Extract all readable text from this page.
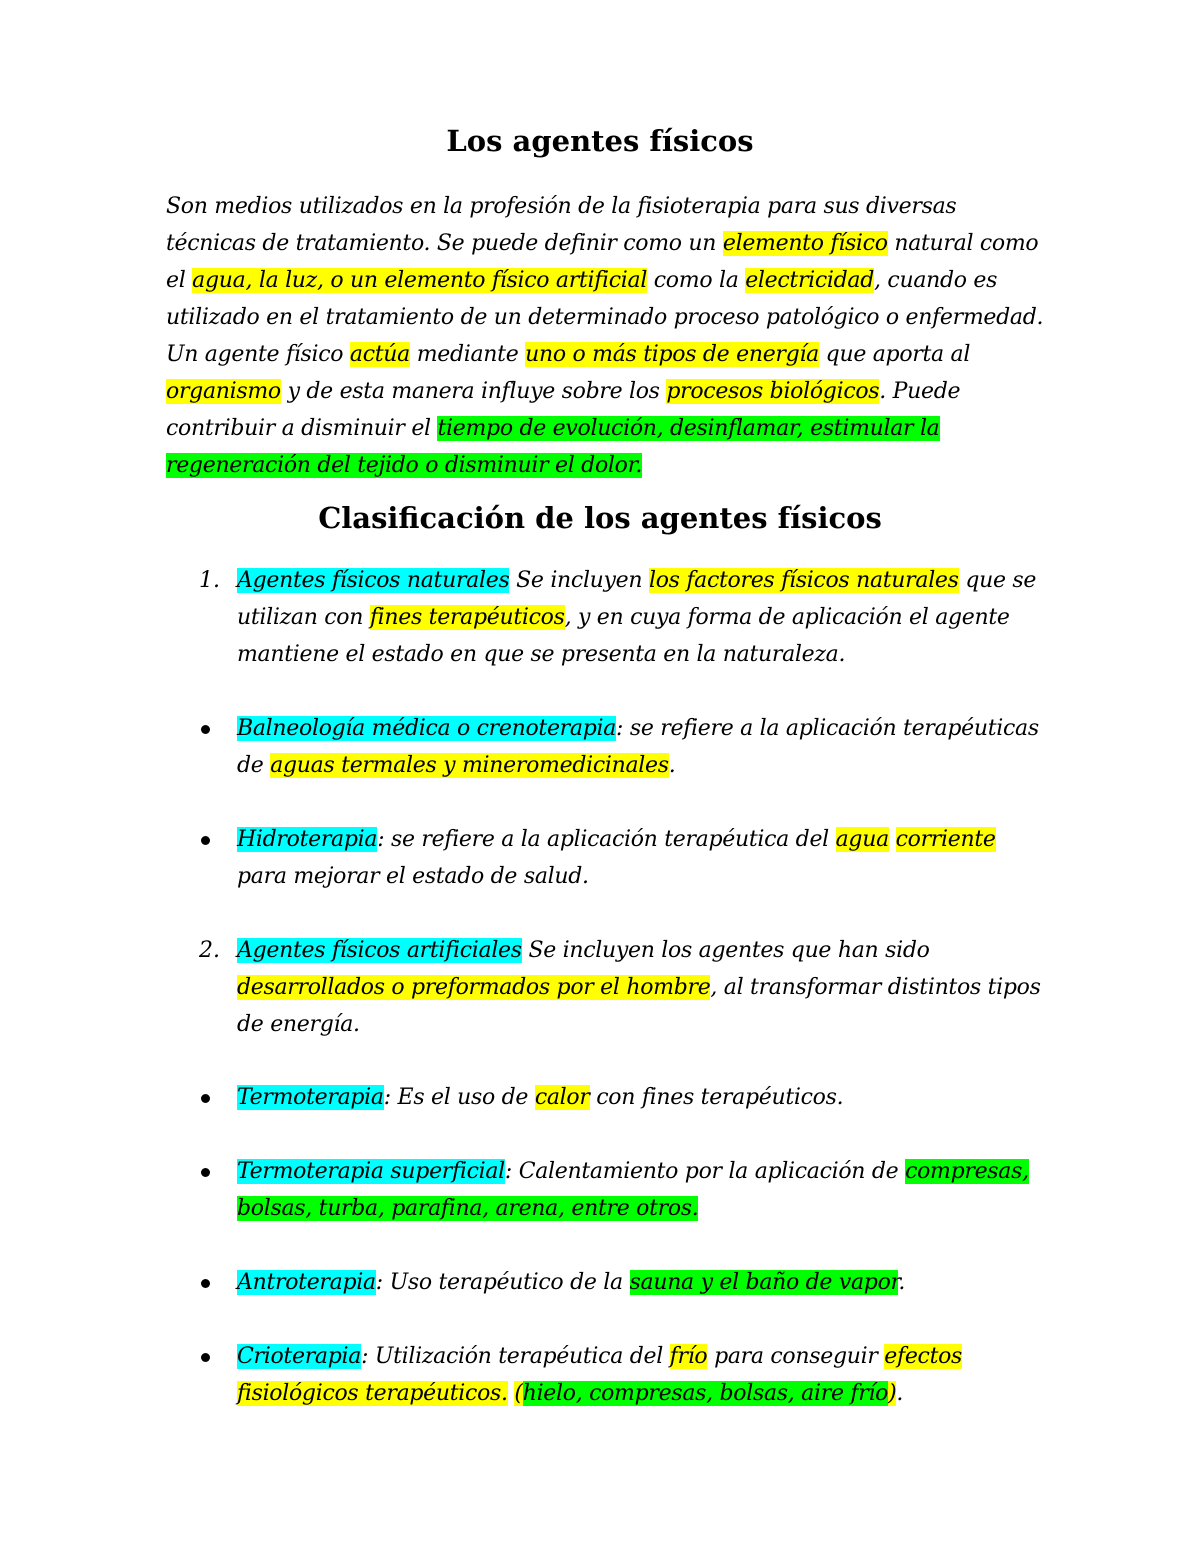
Los agentes físicos

Son medios utilizados en la profesión de la fisioterapia para sus diversas técnicas de tratamiento. Se puede definir como un elemento físico natural como el agua, la luz, o un elemento físico artificial como la electricidad, cuando es utilizado en el tratamiento de un determinado proceso patológico o enfermedad. Un agente físico actúa mediante uno o más tipos de energía que aporta al organismo y de esta manera influye sobre los procesos biológicos. Puede contribuir a disminuir el tiempo de evolución, desinflamar, estimular la regeneración del tejido o disminuir el dolor.

Clasificación de los agentes físicos
1. Agentes físicos naturales Se incluyen los factores físicos naturales que se utilizan con fines terapéuticos, y en cuya forma de aplicación el agente mantiene el estado en que se presenta en la naturaleza.

Balneología médica o crenoterapia: se refiere a la aplicación terapéuticas de aguas termales y mineromedicinales.

Hidroterapia: se refiere a la aplicación terapéutica del agua corriente para mejorar el estado de salud.

2. Agentes físicos artificiales Se incluyen los agentes que han sido desarrollados o preformados por el hombre, al transformar distintos tipos de energía.

Termoterapia: Es el uso de calor con fines terapéuticos.

Termoterapia superficial: Calentamiento por la aplicación de compresas, bolsas, turba, parafina, arena, entre otros.

Antroterapia: Uso terapéutico de la sauna y el baño de vapor.

Crioterapia: Utilización terapéutica del frío para conseguir efectos fisiológicos terapéuticos. (hielo, compresas, bolsas, aire frío).
